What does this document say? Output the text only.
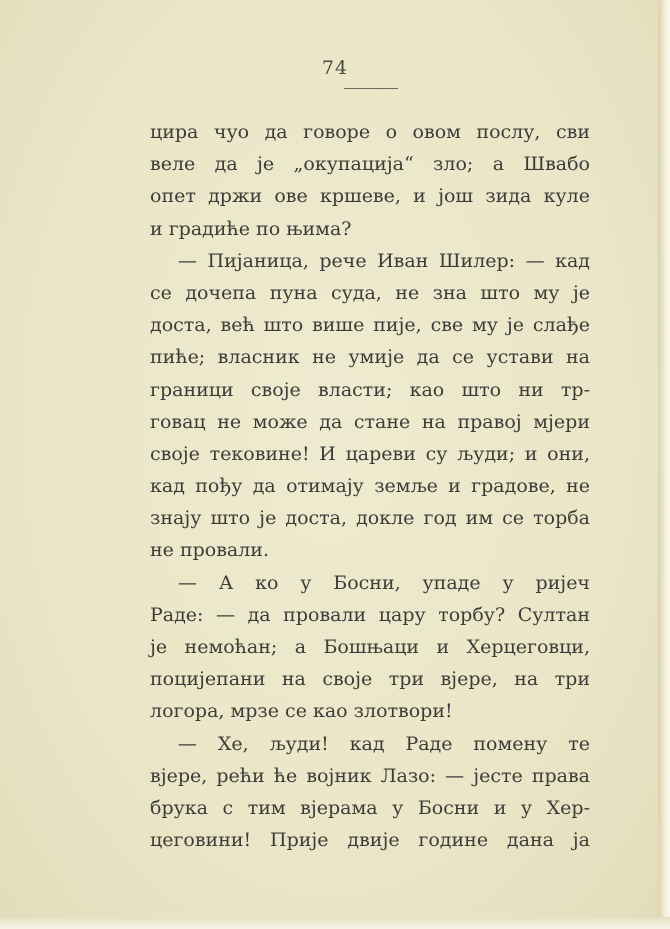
74
цира чуо да говоре о овом послу, сви
веле да је „окупација“ зло; а Швабо
опет држи ове кршеве, и још зида куле
и градиће по њима?
— Пијаница, рече Иван Шилер: — кад
се дочепа пуна суда, не зна што му је
доста, већ што више пије, све му је слађе
пиће; власник не умије да се устави на
граници своје власти; као што ни тр-
говац не може да стане на правој мјери
своје тековине! И цареви су људи; и они,
кад пођу да отимају земље и градове, не
знају што је доста, докле год им се торба
не провали.
— А ко у Босни, упаде у ријеч
Раде: — да провали цару торбу? Султан
је немоћан; а Бошњаци и Херцеговци,
поцијепани на своје три вјере, на три
логора, мрзе се као злотвори!
— Хе, људи! кад Раде помену те
вјере, рећи ће војник Лазо: — јесте права
брука с тим вјерама у Босни и у Хер-
цеговини! Прије двије године дана ја
